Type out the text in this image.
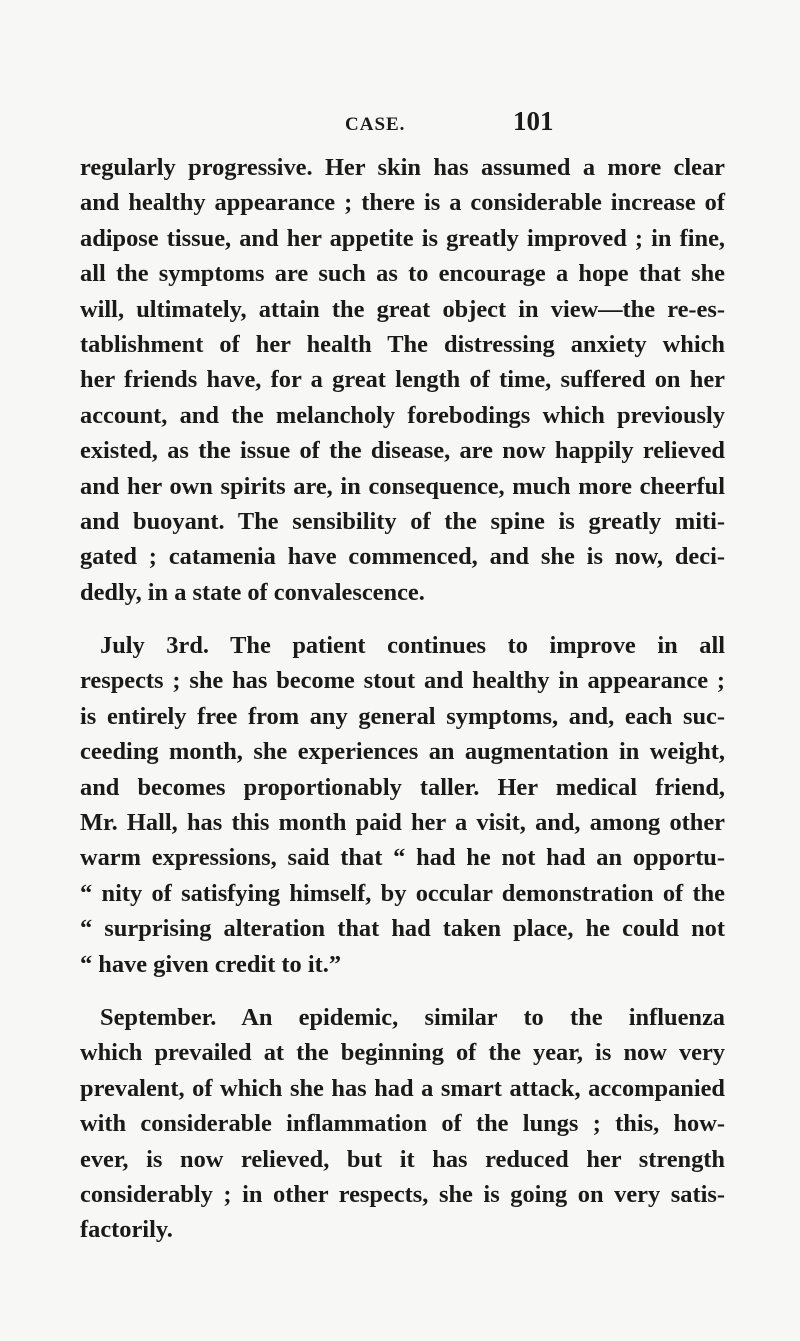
CASE.	101
regularly progressive. Her skin has assumed a more clear
and healthy appearance ; there is a considerable increase of
adipose tissue, and her appetite is greatly improved ; in fine,
all the symptoms are such as to encourage a hope that she
will, ultimately, attain the great object in view—the re-es-
tablishment of her health The distressing anxiety which
her friends have, for a great length of time, suffered on her
account, and the melancholy forebodings which previously
existed, as the issue of the disease, are now happily relieved
and her own spirits are, in consequence, much more cheerful
and buoyant. The sensibility of the spine is greatly miti-
gated ; catamenia have commenced, and she is now, deci-
dedly, in a state of convalescence.
July 3rd. The patient continues to improve in all
respects ; she has become stout and healthy in appearance ;
is entirely free from any general symptoms, and, each suc-
ceeding month, she experiences an augmentation in weight,
and becomes proportionably taller. Her medical friend,
Mr. Hall, has this month paid her a visit, and, among other
warm expressions, said that “ had he not had an opportu-
“ nity of satisfying himself, by occular demonstration of the
“ surprising alteration that had taken place, he could not
“ have given credit to it.”
September. An epidemic, similar to the influenza
which prevailed at the beginning of the year, is now very
prevalent, of which she has had a smart attack, accompanied
with considerable inflammation of the lungs ; this, how-
ever, is now relieved, but it has reduced her strength
considerably ; in other respects, she is going on very satis-
factorily.
